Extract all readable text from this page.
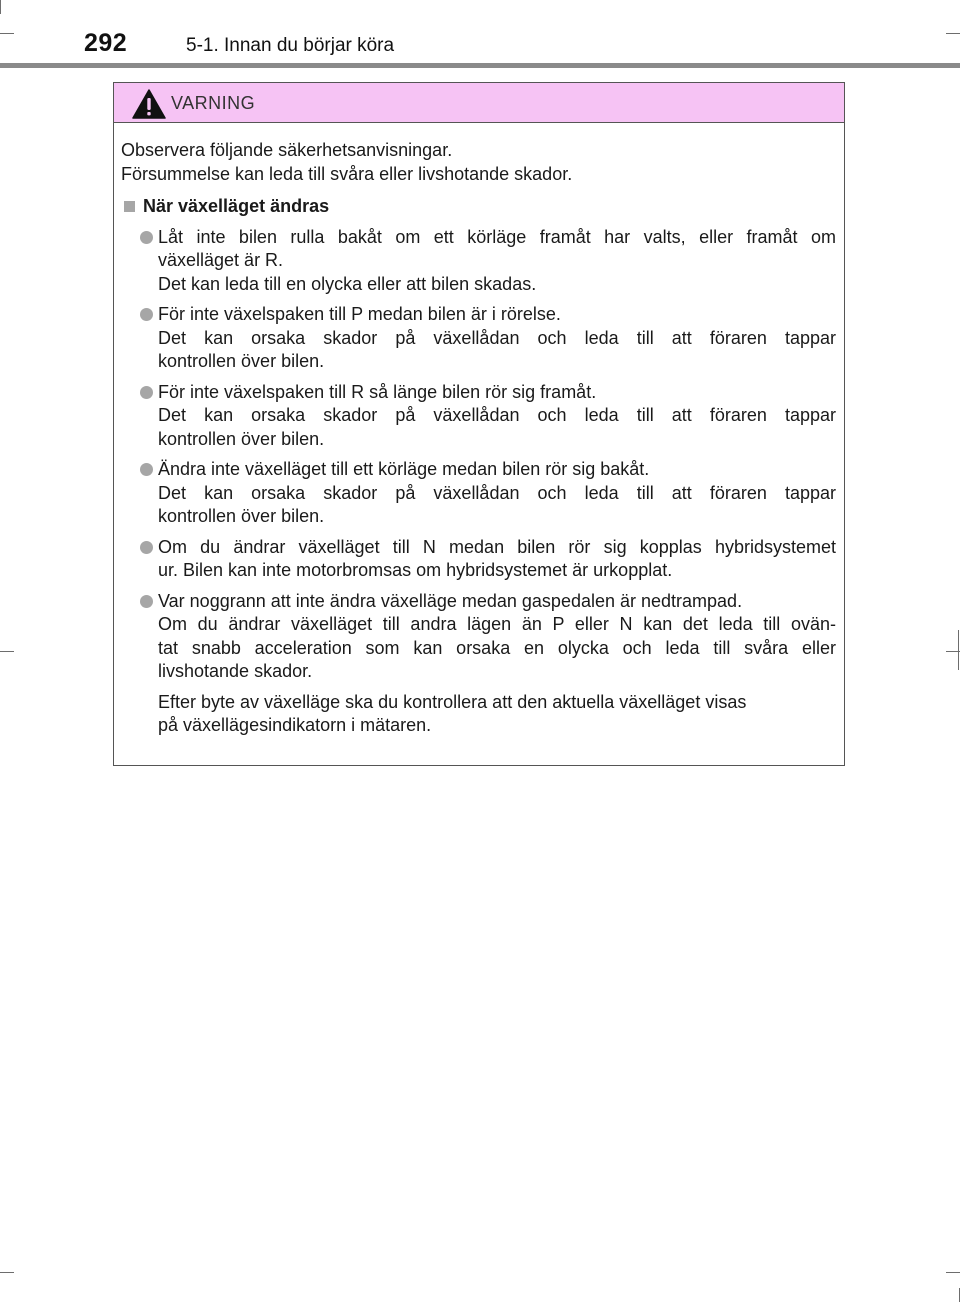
292	5-1. Innan du börjar köra
VARNING

Observera följande säkerhetsanvisningar.
Försummelse kan leda till svåra eller livshotande skador.

När växelläget ändras
Låt inte bilen rulla bakåt om ett körläge framåt har valts, eller framåt om
växelläget är R.
Det kan leda till en olycka eller att bilen skadas.
För inte växelspaken till P medan bilen är i rörelse.
Det kan orsaka skador på växellådan och leda till att föraren tappar
kontrollen över bilen.
För inte växelspaken till R så länge bilen rör sig framåt.
Det kan orsaka skador på växellådan och leda till att föraren tappar
kontrollen över bilen.
Ändra inte växelläget till ett körläge medan bilen rör sig bakåt.
Det kan orsaka skador på växellådan och leda till att föraren tappar
kontrollen över bilen.
Om du ändrar växelläget till N medan bilen rör sig kopplas hybridsystemet
ur. Bilen kan inte motorbromsas om hybridsystemet är urkopplat.
Var noggrann att inte ändra växelläge medan gaspedalen är nedtrampad.
Om du ändrar växelläget till andra lägen än P eller N kan det leda till ovän-
tat snabb acceleration som kan orsaka en olycka och leda till svåra eller
livshotande skador.
Efter byte av växelläge ska du kontrollera att den aktuella växelläget visas
på växellägesindikatorn i mätaren.
